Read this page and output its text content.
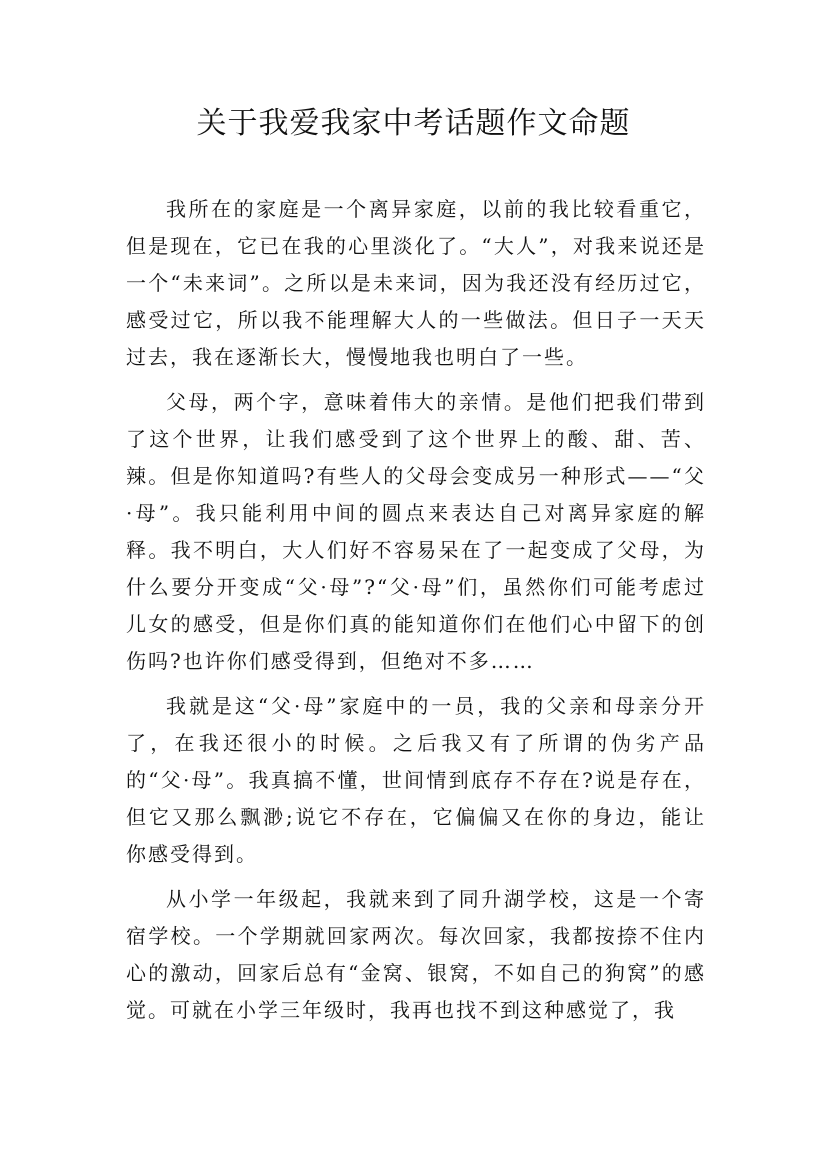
关于我爱我家中考话题作文命题

我所在的家庭是一个离异家庭，以前的我比较看重它，但是现在，它已在我的心里淡化了。“大人”，对我来说还是一个“未来词”。之所以是未来词，因为我还没有经历过它，感受过它，所以我不能理解大人的一些做法。但日子一天天过去，我在逐渐长大，慢慢地我也明白了一些。

父母，两个字，意味着伟大的亲情。是他们把我们带到了这个世界，让我们感受到了这个世界上的酸、甜、苦、辣。但是你知道吗?有些人的父母会变成另一种形式——“父·母”。我只能利用中间的圆点来表达自己对离异家庭的解释。我不明白，大人们好不容易呆在了一起变成了父母，为什么要分开变成“父·母”?“父·母”们，虽然你们可能考虑过儿女的感受，但是你们真的能知道你们在他们心中留下的创伤吗?也许你们感受得到，但绝对不多……

我就是这“父·母”家庭中的一员，我的父亲和母亲分开了，在我还很小的时候。之后我又有了所谓的伪劣产品的“父·母”。我真搞不懂，世间情到底存不存在?说是存在，但它又那么飘渺;说它不存在，它偏偏又在你的身边，能让你感受得到。

从小学一年级起，我就来到了同升湖学校，这是一个寄宿学校。一个学期就回家两次。每次回家，我都按捺不住内心的激动，回家后总有“金窝、银窝，不如自己的狗窝”的感觉。可就在小学三年级时，我再也找不到这种感觉了，我
